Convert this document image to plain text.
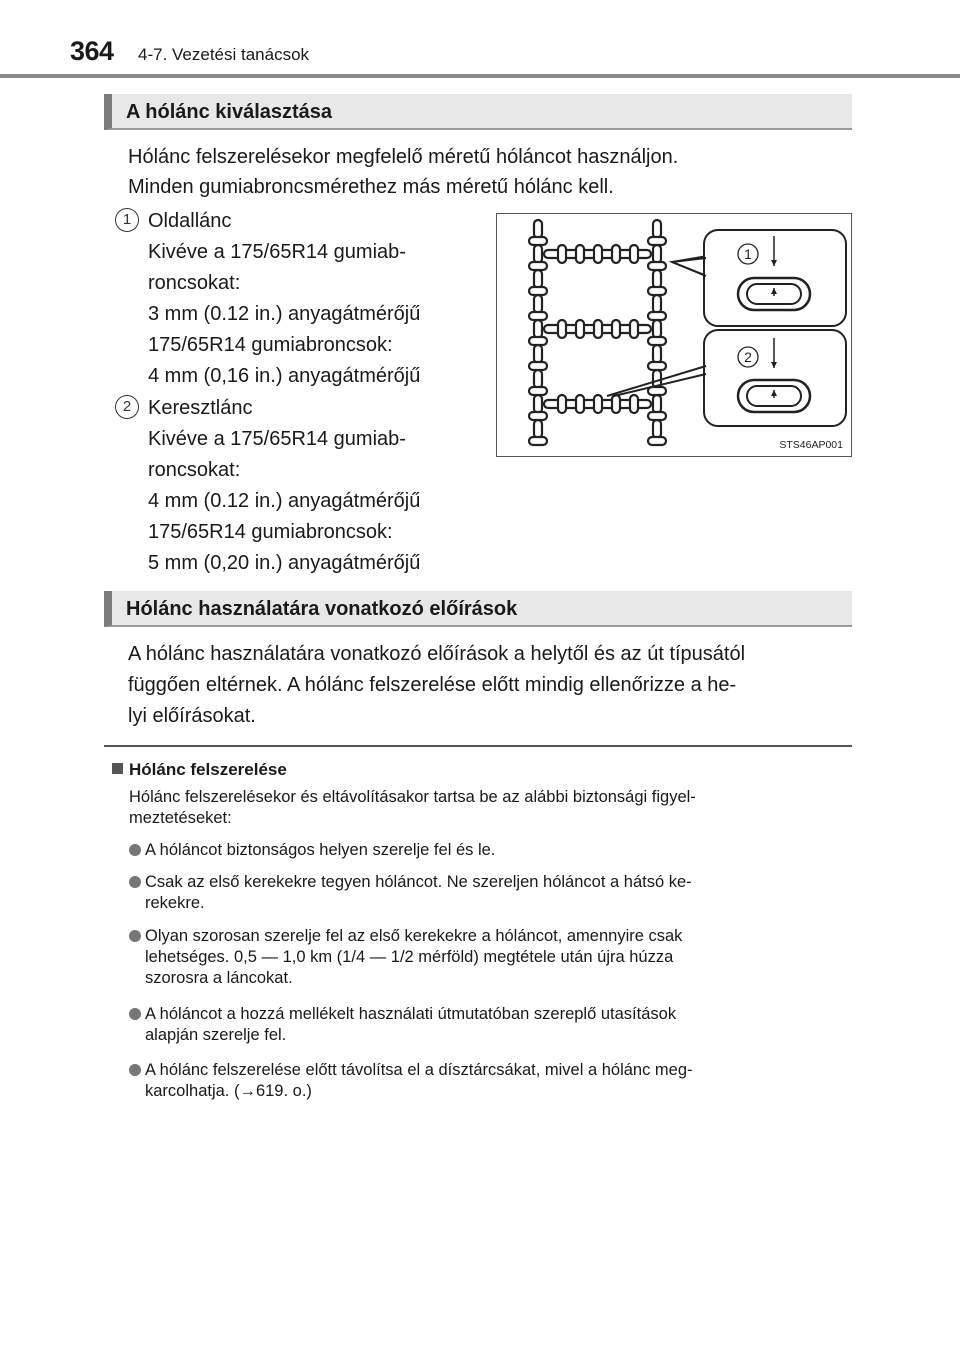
364 4-7. Vezetési tanácsok
A hólánc kiválasztása
Hólánc felszerelésekor megfelelő méretű hóláncot használjon.
Minden gumiabroncsmérethez más méretű hólánc kell.
1 Oldallánc
Kivéve a 175/65R14 gumiab-
roncsokat:
3 mm (0.12 in.) anyagátmérőjű
175/65R14 gumiabroncsok:
4 mm (0,16 in.) anyagátmérőjű
2 Keresztlánc
Kivéve a 175/65R14 gumiab-
roncsokat:
4 mm (0.12 in.) anyagátmérőjű
175/65R14 gumiabroncsok:
5 mm (0,20 in.) anyagátmérőjű
1
2
STS46AP001
Hólánc használatára vonatkozó előírások
A hólánc használatára vonatkozó előírások a helytől és az út típusától
függően eltérnek. A hólánc felszerelése előtt mindig ellenőrizze a he-
lyi előírásokat.
Hólánc felszerelése
Hólánc felszerelésekor és eltávolításakor tartsa be az alábbi biztonsági figyel-
meztetéseket:
A hóláncot biztonságos helyen szerelje fel és le.
Csak az első kerekekre tegyen hóláncot. Ne szereljen hóláncot a hátsó ke-
rekekre.
Olyan szorosan szerelje fel az első kerekekre a hóláncot, amennyire csak
lehetséges. 0,5 — 1,0 km (1/4 — 1/2 mérföld) megtétele után újra húzza
szorosra a láncokat.
A hóláncot a hozzá mellékelt használati útmutatóban szereplő utasítások
alapján szerelje fel.
A hólánc felszerelése előtt távolítsa el a dísztárcsákat, mivel a hólánc meg-
karcolhatja. (→619. o.)
